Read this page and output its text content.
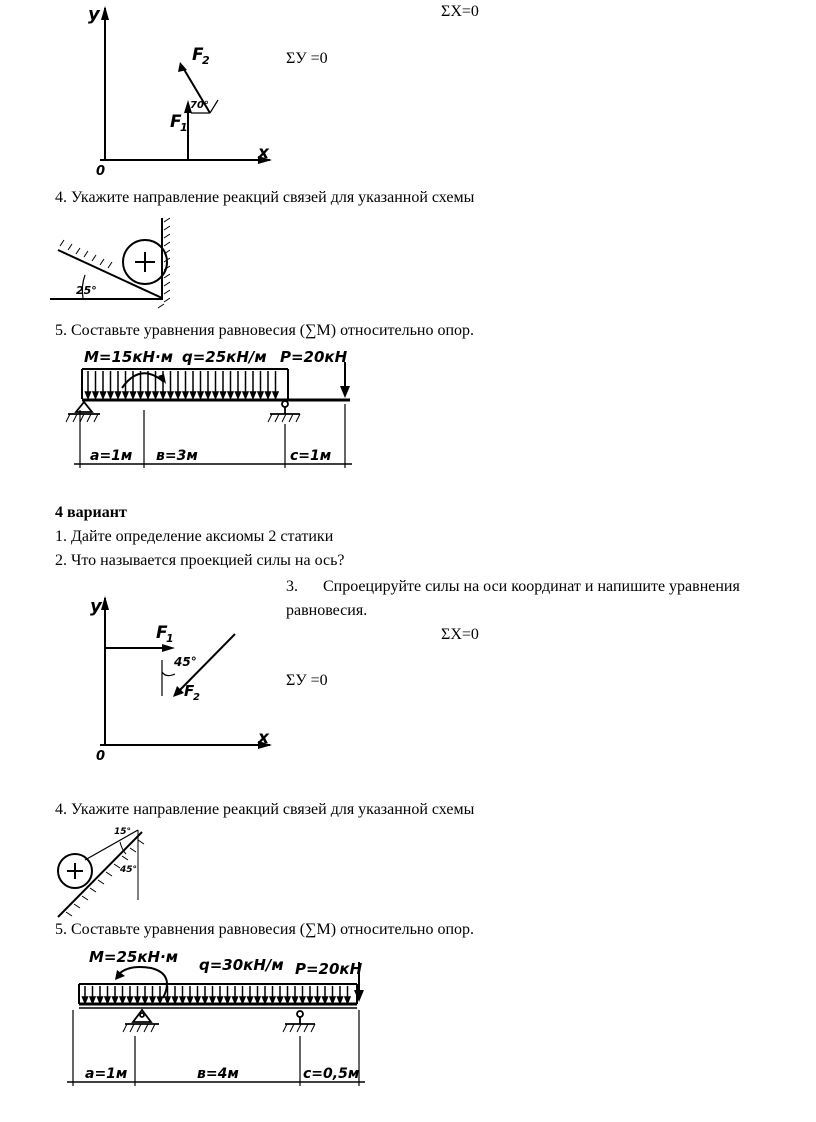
ΣX=0
ΣУ =0
y
x
0
F
1
F
2
70°
4. Укажите направление реакций связей для указанной схемы
25°
5. Составьте уравнения равновесия (∑M) относительно опор.
M=15кН·м q=25кН/м P=20кН
a=1м в=3м	c=1м
4 вариант
1. Дайте определение аксиомы 2 статики
2. Что называется проекцией силы на ось?
3. Спроецируйте силы на оси координат и напишите уравнения
равновесия.
ΣX=0
ΣУ =0
y
x
0
F
1
F
2
45°
4. Укажите направление реакций связей для указанной схемы
15°
45°
5. Составьте уравнения равновесия (∑M) относительно опор.
M=25кН·м q=30кН/м P=20кН
a=1м	в=4м	c=0,5м
